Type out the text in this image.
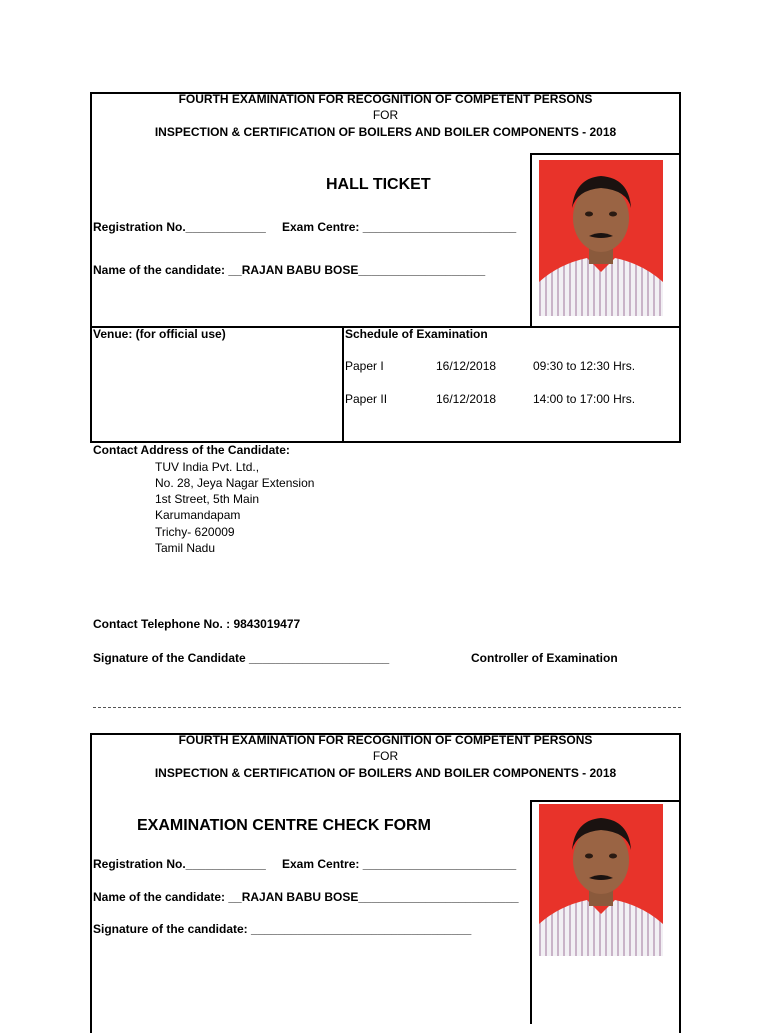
FOURTH EXAMINATION FOR RECOGNITION OF COMPETENT PERSONS
FOR
INSPECTION & CERTIFICATION OF BOILERS AND BOILER COMPONENTS - 2018
HALL TICKET
Registration No.____________ Exam Centre: _______________________
Name of the candidate: __RAJAN BABU BOSE___________________
Venue: (for official use)	Schedule of Examination
Paper I	16/12/2018	09:30 to 12:30 Hrs.
Paper II	16/12/2018	14:00 to 17:00 Hrs.
Contact Address of the Candidate:
TUV India Pvt. Ltd.,
No. 28, Jeya Nagar Extension
1st Street, 5th Main
Karumandapam
Trichy- 620009
Tamil Nadu
Contact Telephone No. : 9843019477
Signature of the Candidate _____________________	Controller of Examination
FOURTH EXAMINATION FOR RECOGNITION OF COMPETENT PERSONS
FOR
INSPECTION & CERTIFICATION OF BOILERS AND BOILER COMPONENTS - 2018
EXAMINATION CENTRE CHECK FORM
Registration No.____________ Exam Centre: _______________________
Name of the candidate: __RAJAN BABU BOSE________________________
Signature of the candidate: _________________________________
